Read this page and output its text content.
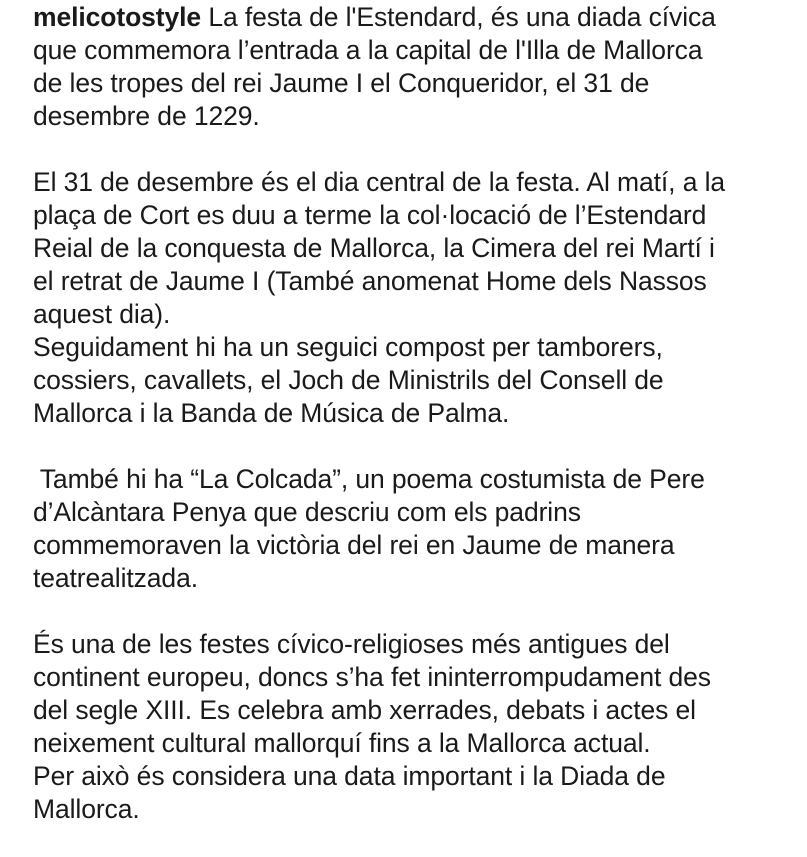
melicotostyle La festa de l'Estendard, és una diada cívica
que commemora l’entrada a la capital de l'Illa de Mallorca
de les tropes del rei Jaume I el Conqueridor, el 31 de
desembre de 1229.
El 31 de desembre és el dia central de la festa. Al matí, a la
plaça de Cort es duu a terme la col·locació de l’Estendard
Reial de la conquesta de Mallorca, la Cimera del rei Martí i
el retrat de Jaume I (També anomenat Home dels Nassos
aquest dia).
Seguidament hi ha un seguici compost per tamborers,
cossiers, cavallets, el Joch de Ministrils del Consell de
Mallorca i la Banda de Música de Palma.
També hi ha “La Colcada”, un poema costumista de Pere
d’Alcàntara Penya que descriu com els padrins
commemoraven la victòria del rei en Jaume de manera
teatrealitzada.
És una de les festes cívico-religioses més antigues del
continent europeu, doncs s’ha fet ininterrompudament des
del segle XIII. Es celebra amb xerrades, debats i actes el
neixement cultural mallorquí fins a la Mallorca actual.
Per això és considera una data important i la Diada de
Mallorca.
